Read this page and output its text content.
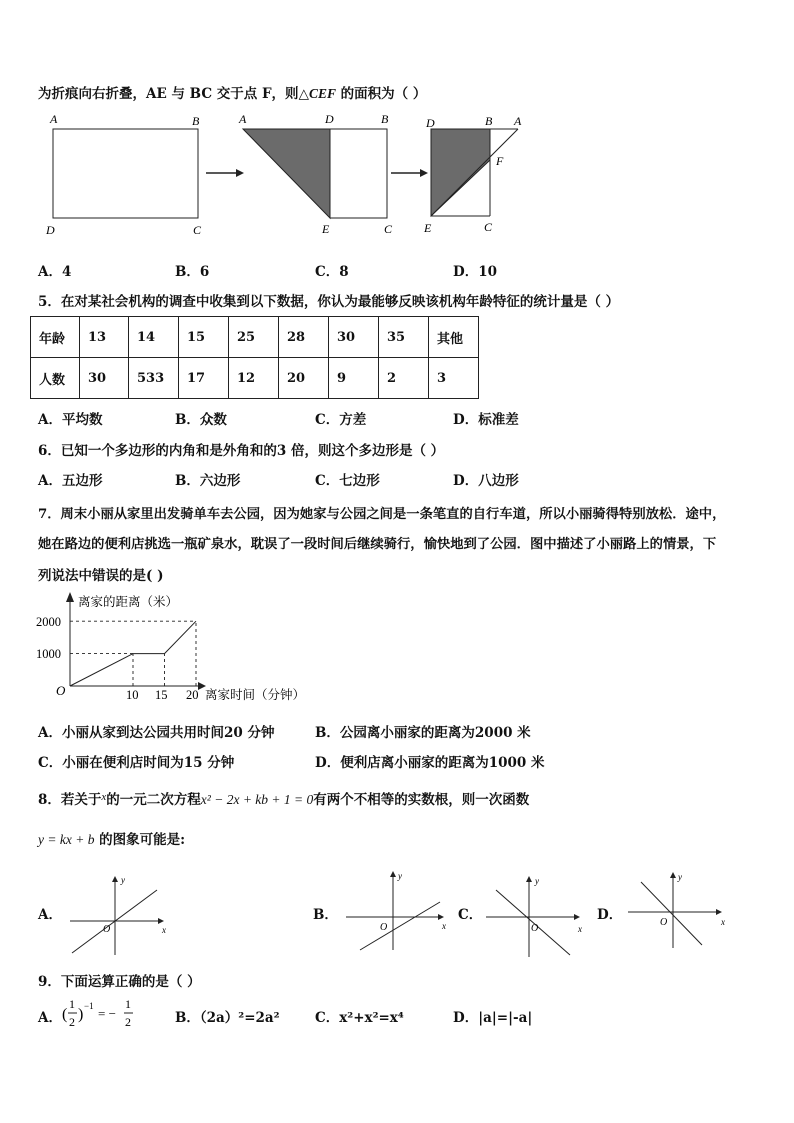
为折痕向右折叠，AE 与 BC 交于点 F，则△CEF 的面积为（ ）
A	B
D	C
A	D	B
E	C
D	B A
F
E	C
A．4	B．6	C．8	D．10
5．在对某社会机构的调查中收集到以下数据，你认为最能够反映该机构年龄特征的统计量是（ ）
年龄	13	14	15	25	28	30	35	其他
人数	30	533	17	12	20	9	2	3
A．平均数	B．众数	C．方差	D．标准差
6．已知一个多边形的内角和是外角和的3 倍，则这个多边形是（ ）
A．五边形	B．六边形	C．七边形	D．八边形
7．周末小丽从家里出发骑单车去公园，因为她家与公园之间是一条笔直的自行车道，所以小丽骑得特别放松．途中，
她在路边的便利店挑选一瓶矿泉水，耽误了一段时间后继续骑行，愉快地到了公园．图中描述了小丽路上的情景，下
列说法中错误的是( )
离家的距离（米）
离家时间（分钟）
O
2000
1000
10 15 20
A．小丽从家到达公园共用时间20 分钟	B．公园离小丽家的距离为2000 米
C．小丽在便利店时间为15 分钟	D．便利店离小丽家的距离为1000 米
8．若关于$^x$的一元二次方程x² − 2x + kb + 1 = 0有两个不相等的实数根，则一次函数
y = kx + b 的图象可能是:
A．	B．	C．	D．
y
x
O
y
x
O
y
x
O
y
x
O
9．下面运算正确的是（ ）
A． (
1
2 ) −1 = −
1
2	B．（2a）²=2a²	C．x²+x²=x⁴	D．|a|=|-a|
